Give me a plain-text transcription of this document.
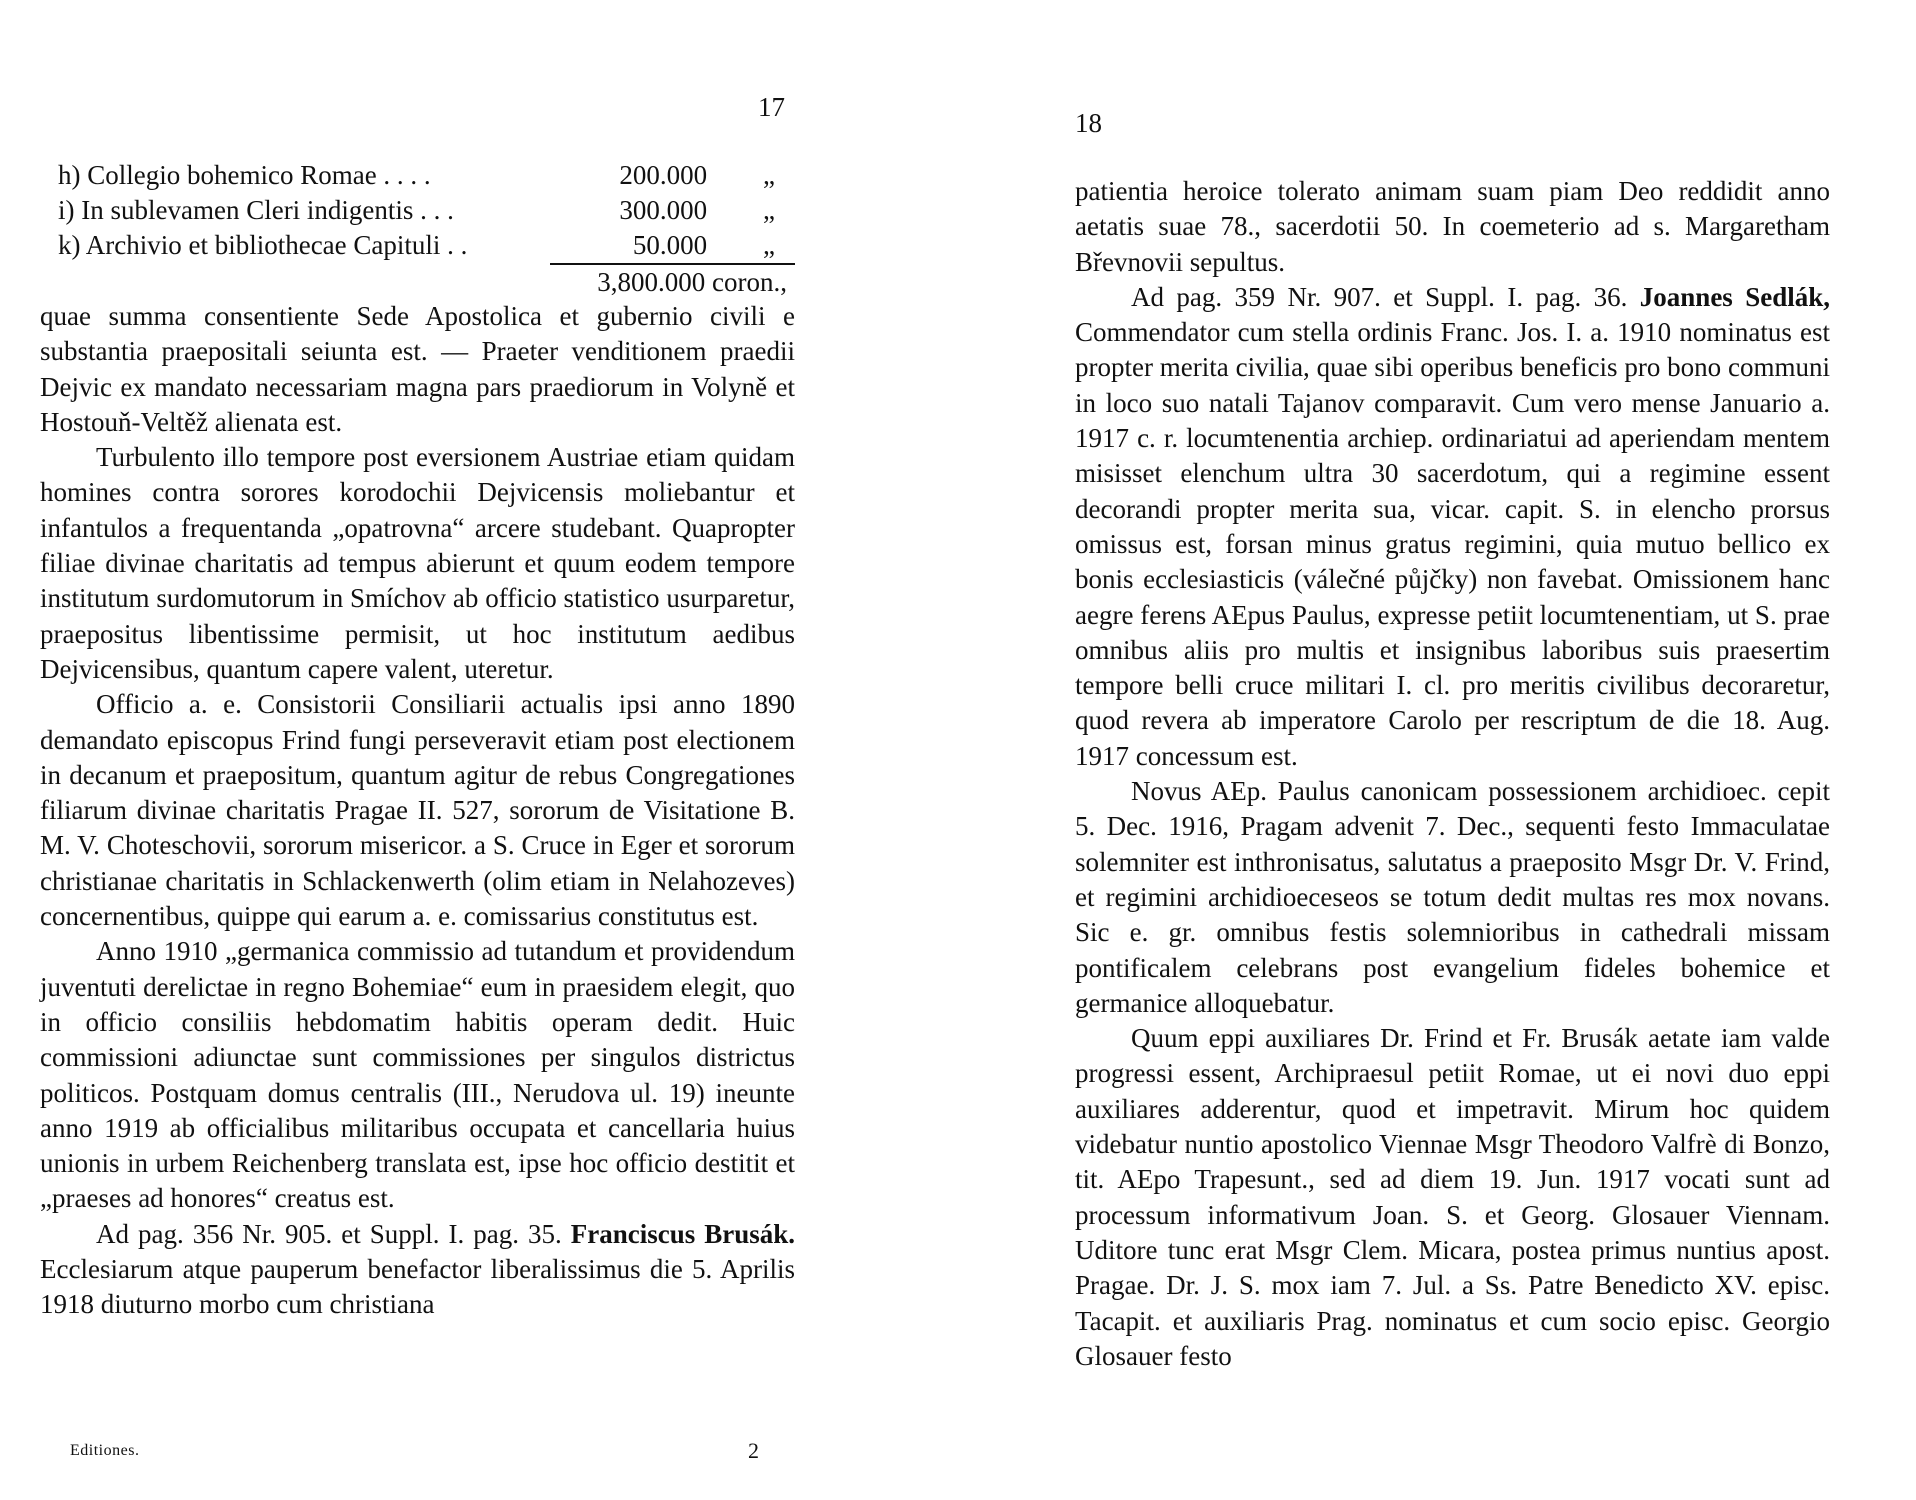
17
h) Collegio bohemico Romae . . . .	200.000	„
i) In sublevamen Cleri indigentis . . .	300.000	„
k) Archivio et bibliothecae Capituli . .	50.000	„
3,800.000 coron.,

quae summa consentiente Sede Apostolica et gubernio civili e substantia praepositali seiunta est. — Praeter venditionem praedii Dejvic ex mandato necessariam magna pars praediorum in Volyně et Hostouň-Veltěž alienata est.

Turbulento illo tempore post eversionem Austriae etiam quidam homines contra sorores korodochii Dejvicensis moliebantur et infantulos a frequentanda „opatrovna“ arcere studebant. Quapropter filiae divinae charitatis ad tempus abierunt et quum eodem tempore institutum surdomutorum in Smíchov ab officio statistico usurparetur, praepositus libentissime permisit, ut hoc institutum aedibus Dejvicensibus, quantum capere valent, uteretur.

Officio a. e. Consistorii Consiliarii actualis ipsi anno 1890 demandato episcopus Frind fungi perseveravit etiam post electionem in decanum et praepositum, quantum agitur de rebus Congregationes filiarum divinae charitatis Pragae II. 527, sororum de Visitatione B. M. V. Choteschovii, sororum misericor. a S. Cruce in Eger et sororum christianae charitatis in Schlackenwerth (olim etiam in Nelahozeves) concernentibus, quippe qui earum a. e. comissarius constitutus est.

Anno 1910 „germanica commissio ad tutandum et providendum juventuti derelictae in regno Bohemiae“ eum in praesidem elegit, quo in officio consiliis hebdomatim habitis operam dedit. Huic commissioni adiunctae sunt commissiones per singulos districtus politicos. Postquam domus centralis (III., Nerudova ul. 19) ineunte anno 1919 ab officialibus militaribus occupata et cancellaria huius unionis in urbem Reichenberg translata est, ipse hoc officio destitit et „praeses ad honores“ creatus est.

Ad pag. 356 Nr. 905. et Suppl. I. pag. 35. Franciscus Brusák. Ecclesiarum atque pauperum benefactor liberalissimus die 5. Aprilis 1918 diuturno morbo cum christiana

Editiones.	2
18

patientia heroice tolerato animam suam piam Deo reddidit anno aetatis suae 78., sacerdotii 50. In coemeterio ad s. Margaretham Břevnovii sepultus.

Ad pag. 359 Nr. 907. et Suppl. I. pag. 36. Joannes Sedlák, Commendator cum stella ordinis Franc. Jos. I. a. 1910 nominatus est propter merita civilia, quae sibi operibus beneficis pro bono communi in loco suo natali Tajanov comparavit. Cum vero mense Januario a. 1917 c. r. locumtenentia archiep. ordinariatui ad aperiendam mentem misisset elenchum ultra 30 sacerdotum, qui a regimine essent decorandi propter merita sua, vicar. capit. S. in elencho prorsus omissus est, forsan minus gratus regimini, quia mutuo bellico ex bonis ecclesiasticis (válečné půjčky) non favebat. Omissionem hanc aegre ferens AEpus Paulus, expresse petiit locumtenentiam, ut S. prae omnibus aliis pro multis et insignibus laboribus suis praesertim tempore belli cruce militari I. cl. pro meritis civilibus decoraretur, quod revera ab imperatore Carolo per rescriptum de die 18. Aug. 1917 concessum est.

Novus AEp. Paulus canonicam possessionem archidioec. cepit 5. Dec. 1916, Pragam advenit 7. Dec., sequenti festo Immaculatae solemniter est inthronisatus, salutatus a praeposito Msgr Dr. V. Frind, et regimini archidioeceseos se totum dedit multas res mox novans. Sic e. gr. omnibus festis solemnioribus in cathedrali missam pontificalem celebrans post evangelium fideles bohemice et germanice alloquebatur.

Quum eppi auxiliares Dr. Frind et Fr. Brusák aetate iam valde progressi essent, Archipraesul petiit Romae, ut ei novi duo eppi auxiliares adderentur, quod et impetravit. Mirum hoc quidem videbatur nuntio apostolico Viennae Msgr Theodoro Valfrè di Bonzo, tit. AEpo Trapesunt., sed ad diem 19. Jun. 1917 vocati sunt ad processum informativum Joan. S. et Georg. Glosauer Viennam. Uditore tunc erat Msgr Clem. Micara, postea primus nuntius apost. Pragae. Dr. J. S. mox iam 7. Jul. a Ss. Patre Benedicto XV. episc. Tacapit. et auxiliaris Prag. nominatus et cum socio episc. Georgio Glosauer festo
